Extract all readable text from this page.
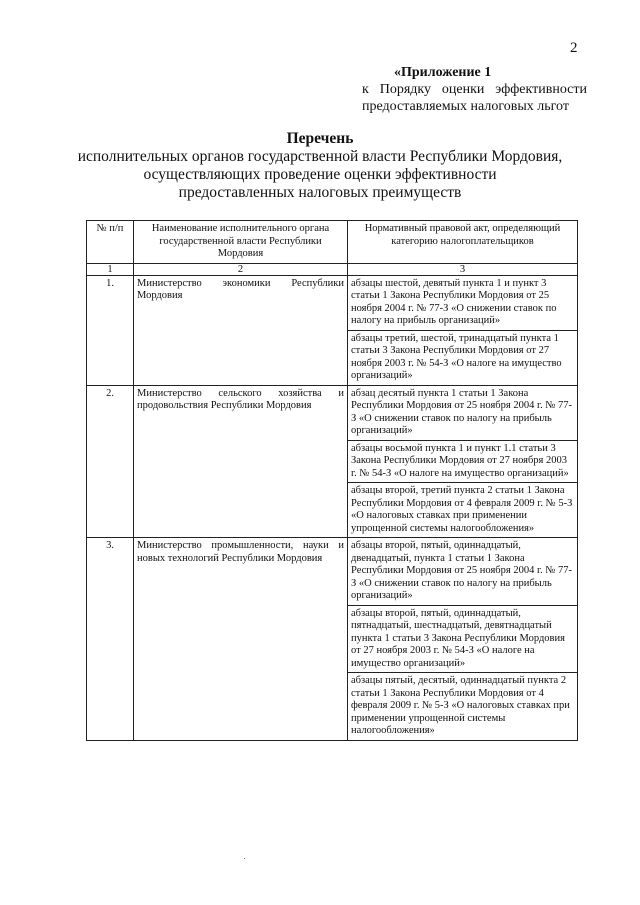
2
«Приложение 1
к Порядку оценки эффективности
предоставляемых налоговых льгот
Перечень
исполнительных органов государственной власти Республики Мордовия,
осуществляющих проведение оценки эффективности
предоставленных налоговых преимуществ
№ п/п	Наименование исполнительного органа государственной власти Республики Мордовия	Нормативный правовой акт, определяющий категорию налогоплательщиков
1	2	3
1.	Министерство экономики Республики Мордовия	абзацы шестой, девятый пункта 1 и пункт 3 статьи 1 Закона Республики Мордовия от 25 ноября 2004 г. № 77-З «О снижении ставок по налогу на прибыль организаций»
		абзацы третий, шестой, тринадцатый пункта 1 статьи 3 Закона Республики Мордовия от 27 ноября 2003 г. № 54-З «О налоге на имущество организаций»
2.	Министерство сельского хозяйства и продовольствия Республики Мордовия	абзац десятый пункта 1 статьи 1 Закона Республики Мордовия от 25 ноября 2004 г. № 77-З «О снижении ставок по налогу на прибыль организаций»
		абзацы восьмой пункта 1 и пункт 1.1 статьи 3 Закона Республики Мордовия от 27 ноября 2003 г. № 54-З «О налоге на имущество организаций»
		абзацы второй, третий пункта 2 статьи 1 Закона Республики Мордовия от 4 февраля 2009 г. № 5-З «О налоговых ставках при применении упрощенной системы налогообложения»
3.	Министерство промышленности, науки и новых технологий Республики Мордовия	абзацы второй, пятый, одиннадцатый, двенадцатый, пункта 1 статьи 1 Закона Республики Мордовия от 25 ноября 2004 г. № 77-З «О снижении ставок по налогу на прибыль организаций»
		абзацы второй, пятый, одиннадцатый, пятнадцатый, шестнадцатый, девятнадцатый пункта 1 статьи 3 Закона Республики Мордовия от 27 ноября 2003 г. № 54-З «О налоге на имущество организаций»
		абзацы пятый, десятый, одиннадцатый пункта 2 статьи 1 Закона Республики Мордовия от 4 февраля 2009 г. № 5-З «О налоговых ставках при применении упрощенной системы налогообложения»
